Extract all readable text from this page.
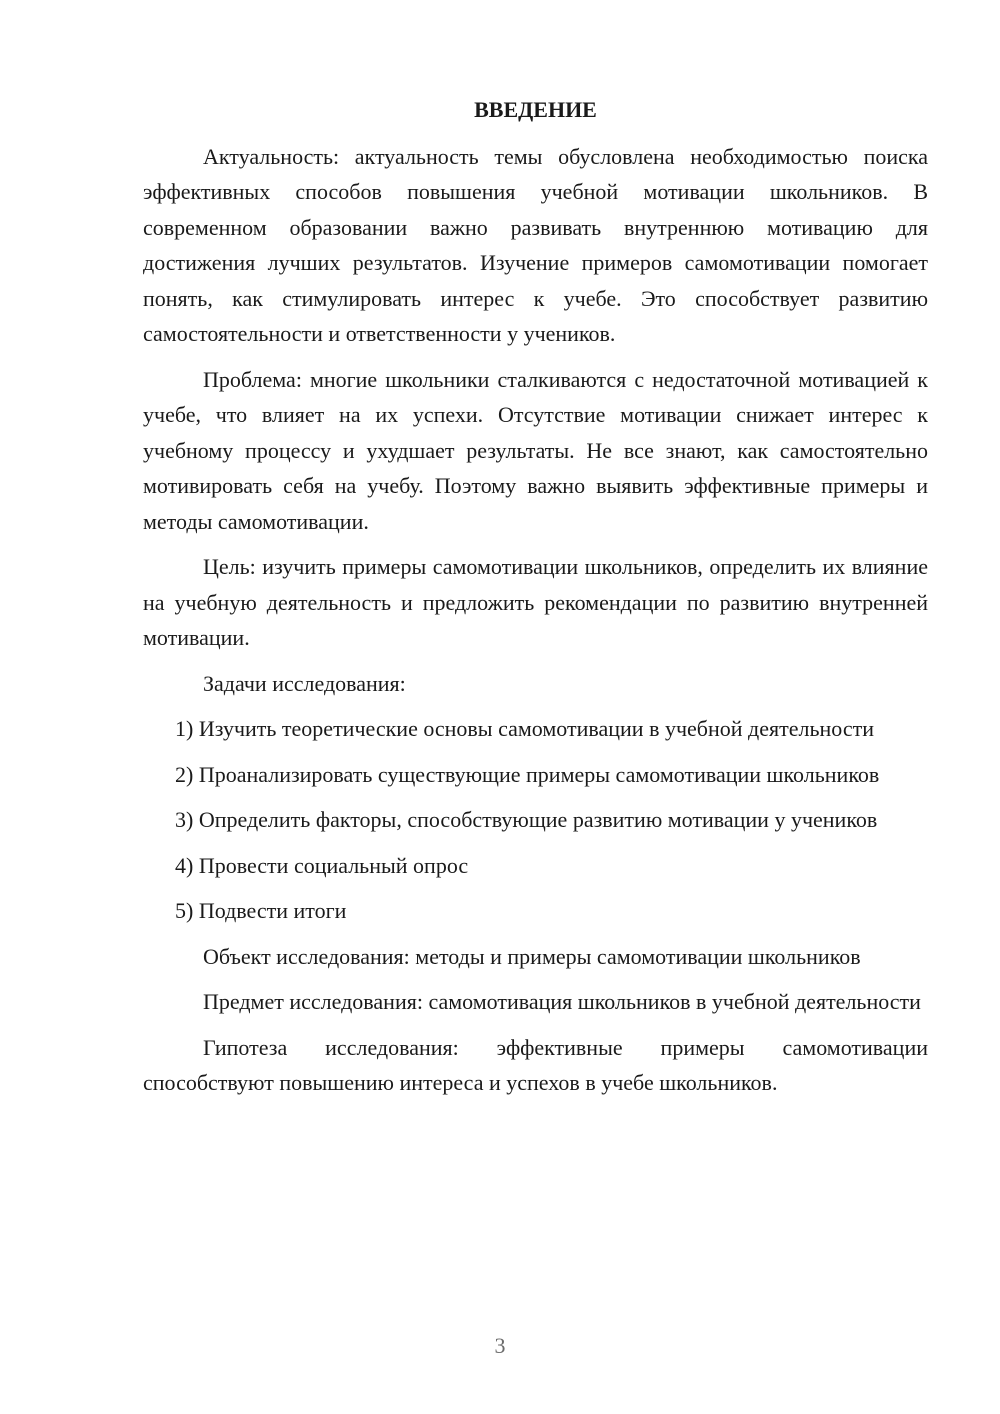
ВВЕДЕНИЕ

Актуальность: актуальность темы обусловлена необходимостью поиска эффективных способов повышения учебной мотивации школьников. В современном образовании важно развивать внутреннюю мотивацию для достижения лучших результатов. Изучение примеров самомотивации помогает понять, как стимулировать интерес к учебе. Это способствует развитию самостоятельности и ответственности у учеников.

Проблема: многие школьники сталкиваются с недостаточной мотивацией к учебе, что влияет на их успехи. Отсутствие мотивации снижает интерес к учебному процессу и ухудшает результаты. Не все знают, как самостоятельно мотивировать себя на учебу. Поэтому важно выявить эффективные примеры и методы самомотивации.

Цель: изучить примеры самомотивации школьников, определить их влияние на учебную деятельность и предложить рекомендации по развитию внутренней мотивации.

Задачи исследования:

1) Изучить теоретические основы самомотивации в учебной деятельности

2) Проанализировать существующие примеры самомотивации школьников

3) Определить факторы, способствующие развитию мотивации у учеников

4) Провести социальный опрос

5) Подвести итоги

Объект исследования: методы и примеры самомотивации школьников

Предмет исследования: самомотивация школьников в учебной деятельности

Гипотеза исследования: эффективные примеры самомотивации способствуют повышению интереса и успехов в учебе школьников.

3
